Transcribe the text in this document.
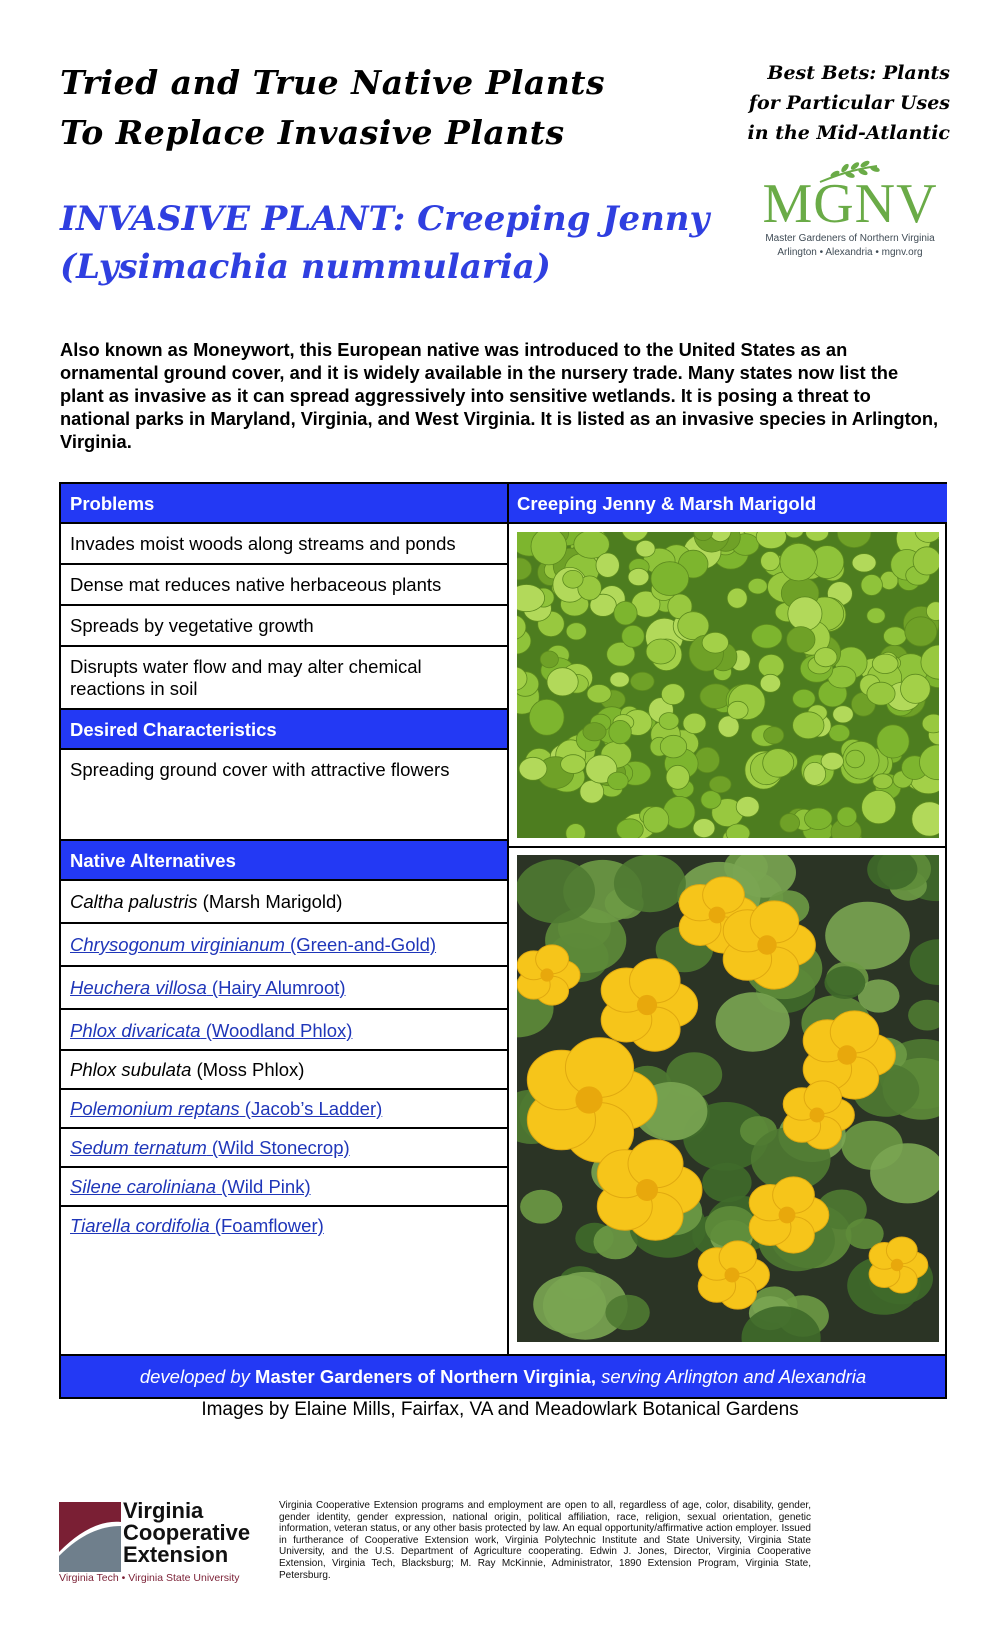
Tried and True Native Plants
To Replace Invasive Plants
Best Bets: Plants
for Particular Uses
in the Mid-Atlantic
MGNV
Master Gardeners of Northern Virginia
Arlington • Alexandria • mgnv.org
INVASIVE PLANT: Creeping Jenny
(Lysimachia nummularia)
Also known as Moneywort, this European native was introduced to the United States as an ornamental ground cover, and it is widely available in the nursery trade. Many states now list the plant as invasive as it can spread aggressively into sensitive wetlands. It is posing a threat to national parks in Maryland, Virginia, and West Virginia. It is listed as an invasive species in Arlington, Virginia.
Problems
Invades moist woods along streams and ponds
Dense mat reduces native herbaceous plants
Spreads by vegetative growth
Disrupts water flow and may alter chemical reactions in soil
Desired Characteristics
Spreading ground cover with attractive flowers
Native Alternatives
Caltha palustris (Marsh Marigold)
Chrysogonum virginianum (Green-and-Gold)
Heuchera villosa (Hairy Alumroot)
Phlox divaricata (Woodland Phlox)
Phlox subulata (Moss Phlox)
Polemonium reptans (Jacob’s Ladder)
Sedum ternatum (Wild Stonecrop)
Silene caroliniana (Wild Pink)
Tiarella cordifolia (Foamflower)
Creeping Jenny & Marsh Marigold
developed by Master Gardeners of Northern Virginia, serving Arlington and Alexandria
Images by Elaine Mills, Fairfax, VA and Meadowlark Botanical Gardens
Virginia
Cooperative
Extension
Virginia Tech • Virginia State University
Virginia Cooperative Extension programs and employment are open to all, regardless of age, color, disability, gender, gender identity, gender expression, national origin, political affiliation, race, religion, sexual orientation, genetic information, veteran status, or any other basis protected by law. An equal opportunity/affirmative action employer. Issued in furtherance of Cooperative Extension work, Virginia Polytechnic Institute and State University, Virginia State University, and the U.S. Department of Agriculture cooperating. Edwin J. Jones, Director, Virginia Cooperative Extension, Virginia Tech, Blacksburg; M. Ray McKinnie, Administrator, 1890 Extension Program, Virginia State, Petersburg.
